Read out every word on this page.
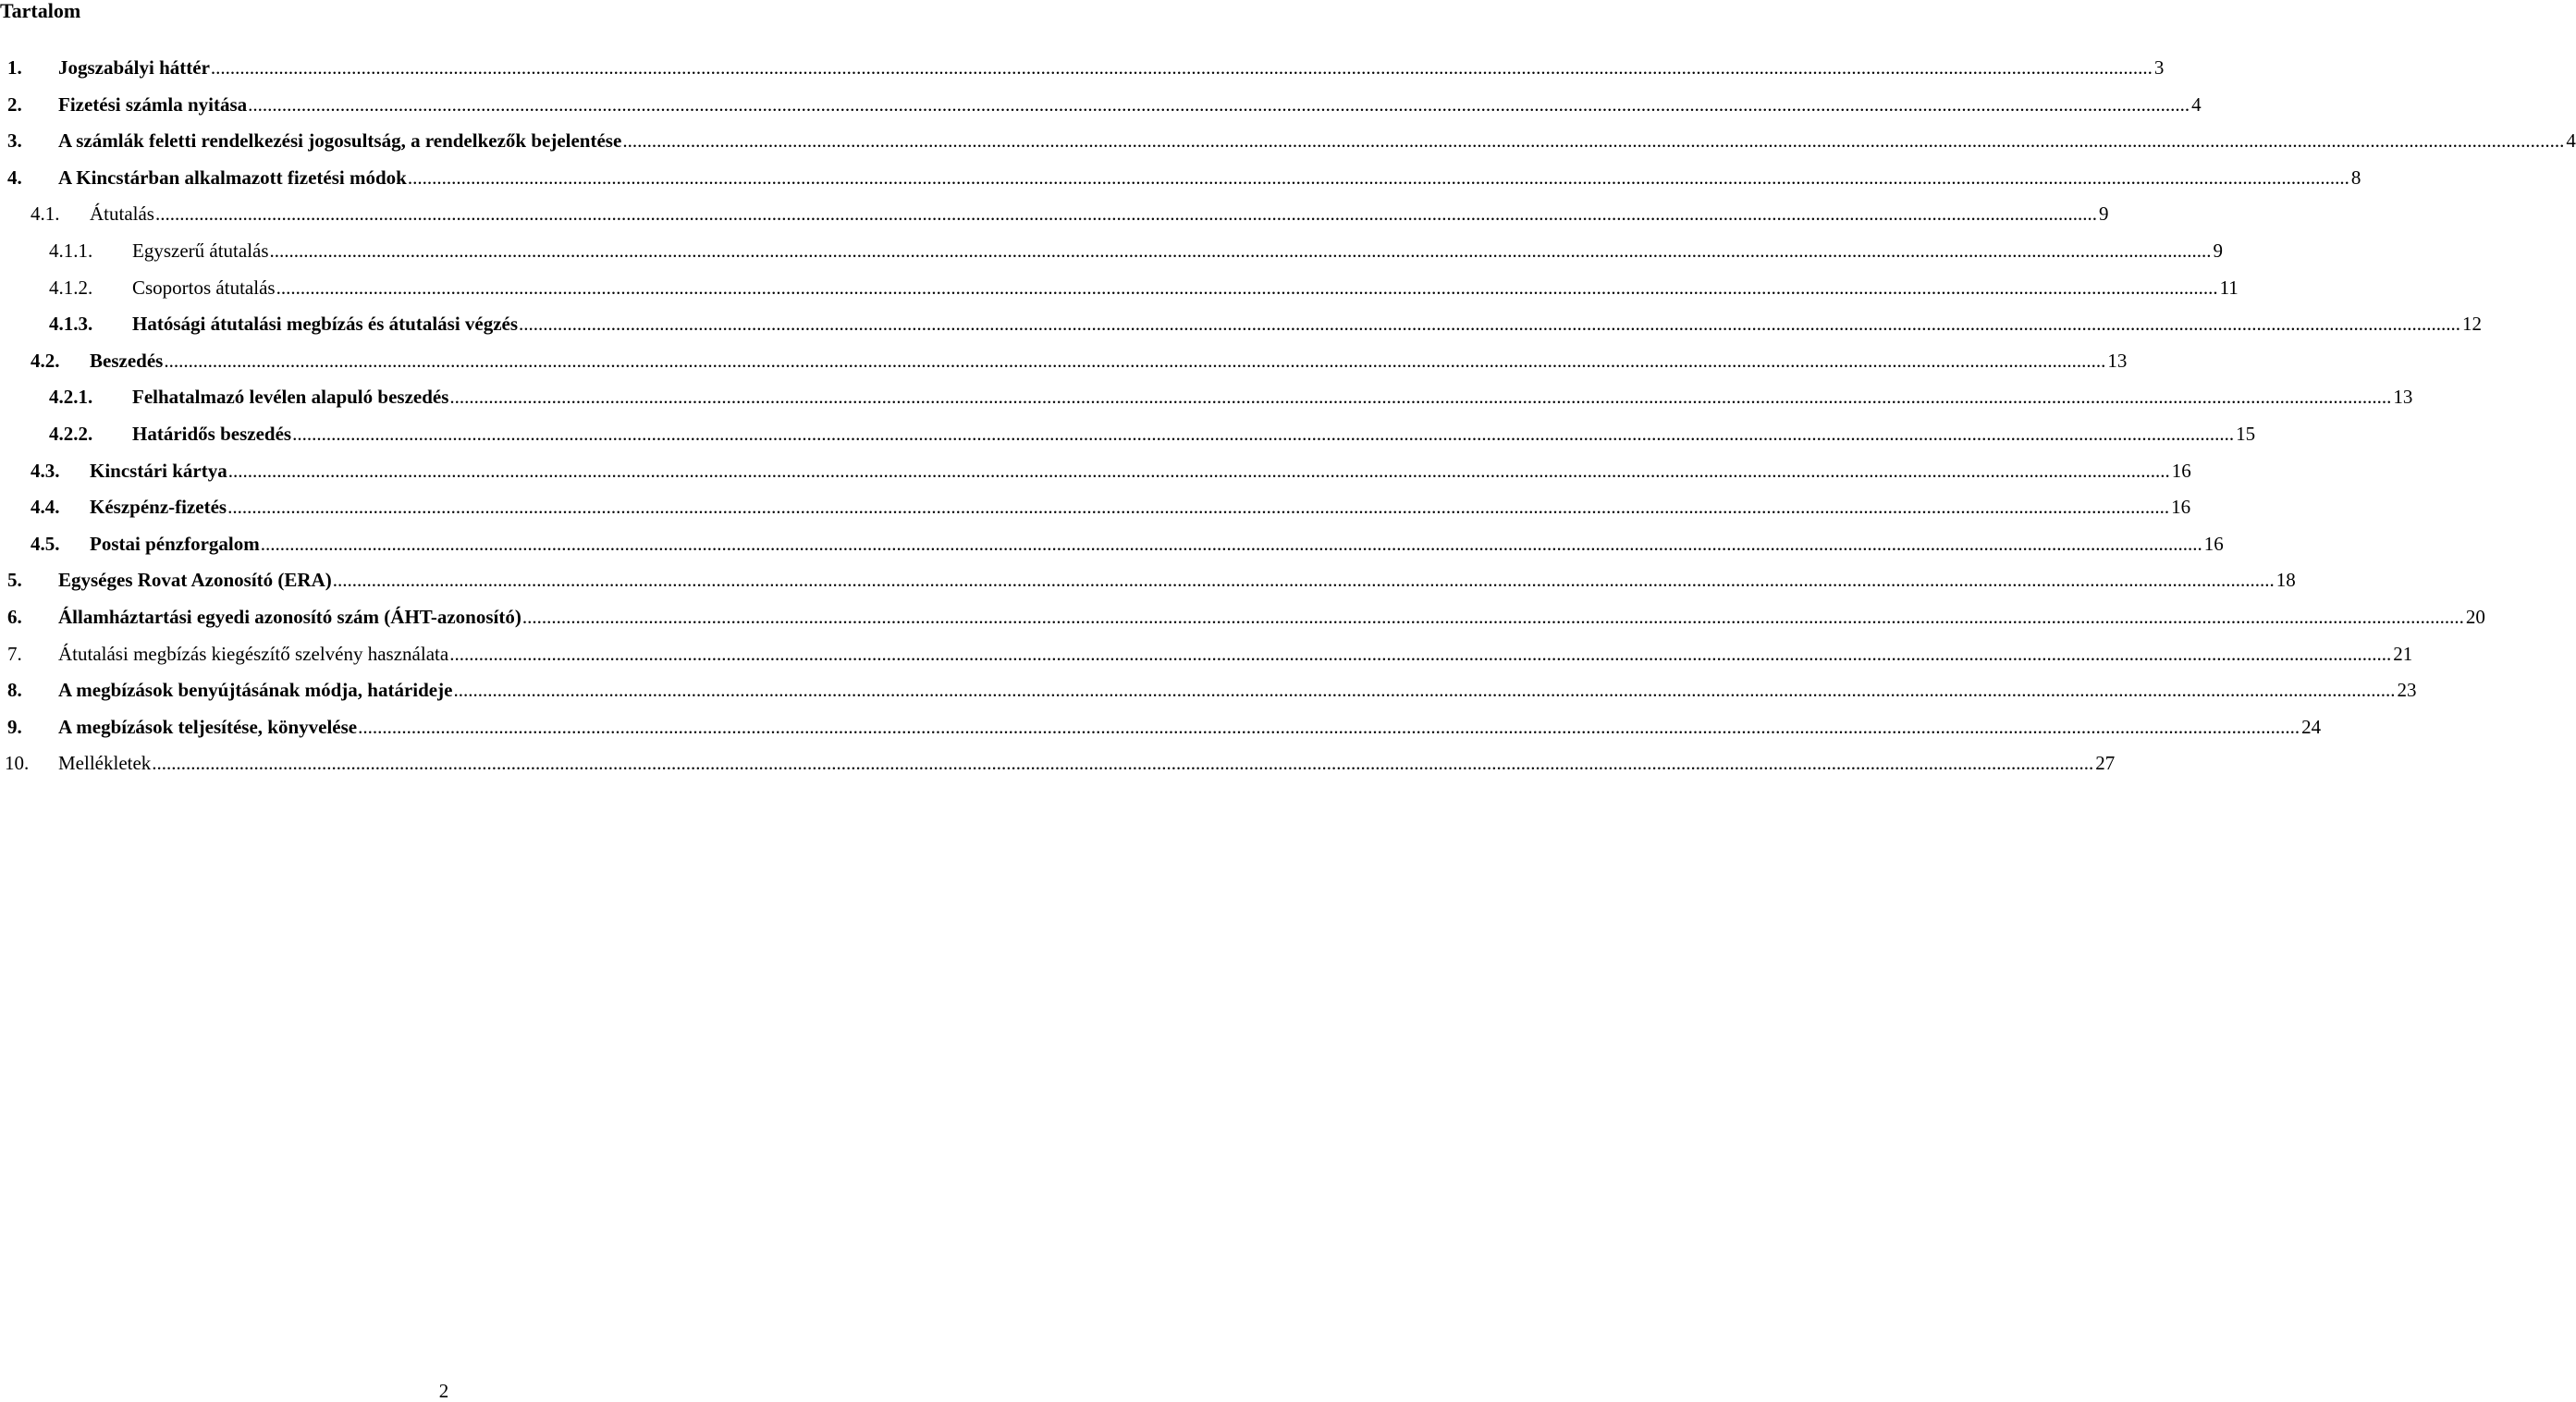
Tartalom
1. Jogszabályi háttér ................................................................................................................................................................................................................................................................................................................................................................................................................ 3
2. Fizetési számla nyitása ................................................................................................................................................................................................................................................................................................................................................................................................................ 4
3. A számlák feletti rendelkezési jogosultság, a rendelkezők bejelentése ................................................................................................................................................................................................................................................................................................................................................................................................................ 4
4. A Kincstárban alkalmazott fizetési módok ................................................................................................................................................................................................................................................................................................................................................................................................................ 8
4.1. Átutalás ................................................................................................................................................................................................................................................................................................................................................................................................................ 9
4.1.1. Egyszerű átutalás ................................................................................................................................................................................................................................................................................................................................................................................................................ 9
4.1.2. Csoportos átutalás ................................................................................................................................................................................................................................................................................................................................................................................................................ 11
4.1.3. Hatósági átutalási megbízás és átutalási végzés ................................................................................................................................................................................................................................................................................................................................................................................................................ 12
4.2. Beszedés ................................................................................................................................................................................................................................................................................................................................................................................................................ 13
4.2.1. Felhatalmazó levélen alapuló beszedés ................................................................................................................................................................................................................................................................................................................................................................................................................ 13
4.2.2. Határidős beszedés ................................................................................................................................................................................................................................................................................................................................................................................................................ 15
4.3. Kincstári kártya ................................................................................................................................................................................................................................................................................................................................................................................................................ 16
4.4. Készpénz-fizetés ................................................................................................................................................................................................................................................................................................................................................................................................................ 16
4.5. Postai pénzforgalom ................................................................................................................................................................................................................................................................................................................................................................................................................ 16
5. Egységes Rovat Azonosító (ERA) ................................................................................................................................................................................................................................................................................................................................................................................................................ 18
6. Államháztartási egyedi azonosító szám (ÁHT-azonosító) ................................................................................................................................................................................................................................................................................................................................................................................................................ 20
7. Átutalási megbízás kiegészítő szelvény használata ................................................................................................................................................................................................................................................................................................................................................................................................................ 21
8. A megbízások benyújtásának módja, határideje ................................................................................................................................................................................................................................................................................................................................................................................................................ 23
9. A megbízások teljesítése, könyvelése ................................................................................................................................................................................................................................................................................................................................................................................................................ 24
10. Mellékletek ................................................................................................................................................................................................................................................................................................................................................................................................................ 27
2
